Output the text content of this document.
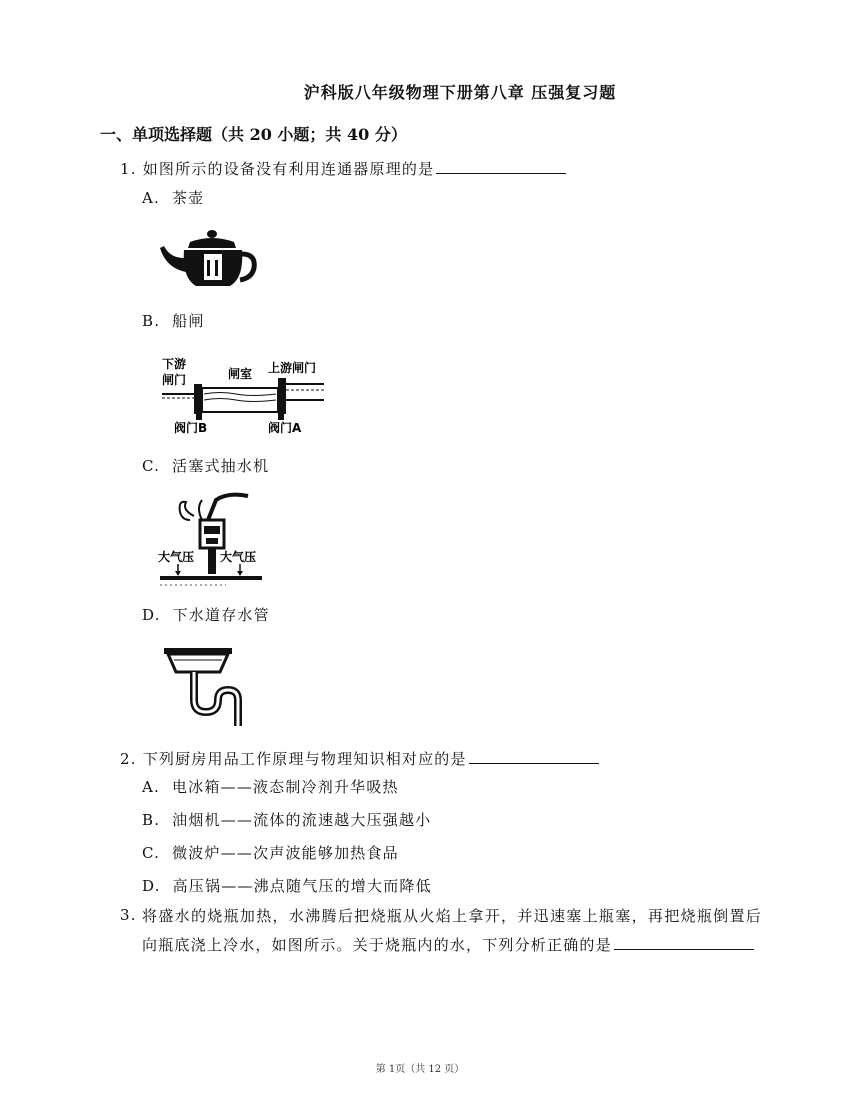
沪科版八年级物理下册第八章 压强复习题
一、单项选择题（共 20 小题；共 40 分）
1. 如图所示的设备没有利用连通器原理的是
A. 茶壶
B. 船闸
下游
闸门	闸室 上游闸门
阀门B	阀门A
C. 活塞式抽水机
大气压 大气压
D. 下水道存水管
2. 下列厨房用品工作原理与物理知识相对应的是
A. 电冰箱——液态制冷剂升华吸热
B. 油烟机——流体的流速越大压强越小
C. 微波炉——次声波能够加热食品
D. 高压锅——沸点随气压的增大而降低
3. 将盛水的烧瓶加热，水沸腾后把烧瓶从火焰上拿开，并迅速塞上瓶塞，再把烧瓶倒置后向瓶底浇上冷水，如图所示。关于烧瓶内的水，下列分析正确的是
第 1页（共 12 页）
